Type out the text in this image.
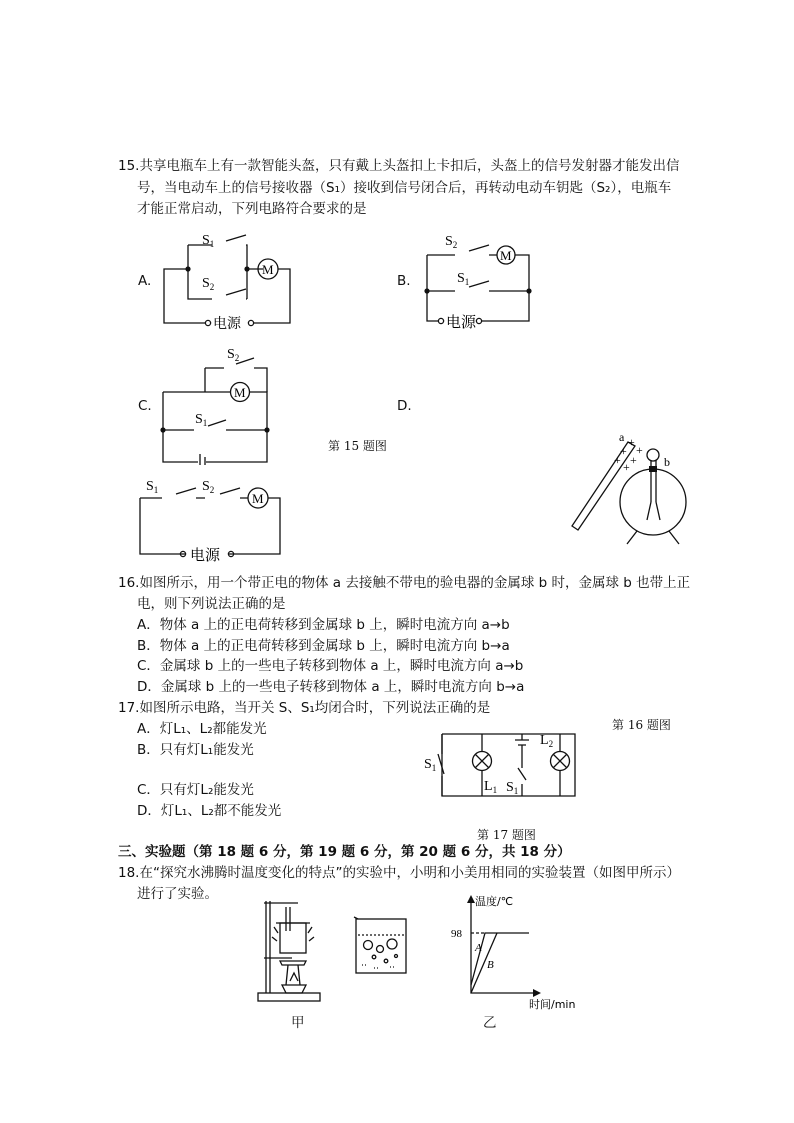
15.共享电瓶车上有一款智能头盔，只有戴上头盔扣上卡扣后，头盔上的信号发射器才能发出信
号，当电动车上的信号接收器（S₁）接收到信号闭合后，再转动电动车钥匙（S₂），电瓶车
才能正常启动，下列电路符合要求的是
A.	B.
C.	D.
第 15 题图
$S_1$
$S_2$
M
电源
$S_2$
$S_1$
M
电源
$S_2$
$S_1$
M
$S_1$	$S_2$
M
电源
a
b
+
+ +
+ +
+
16.如图所示，用一个带正电的物体 a 去接触不带电的验电器的金属球 b 时，金属球 b 也带上正
电，则下列说法正确的是
A．物体 a 上的正电荷转移到金属球 b 上，瞬时电流方向 a→b
B．物体 a 上的正电荷转移到金属球 b 上，瞬时电流方向 b→a
C．金属球 b 上的一些电子转移到物体 a 上，瞬时电流方向 a→b
D．金属球 b 上的一些电子转移到物体 a 上，瞬时电流方向 b→a
17.如图所示电路，当开关 S、S₁均闭合时，下列说法正确的是
第 16 题图
A．灯L₁、L₂都能发光
B．只有灯L₁能发光
C．只有灯L₂能发光
D．灯L₁、L₂都不能发光
$S_1$
$L_1$ $S_1$
$L_2$
第 17 题图
三、实验题（第 18 题 6 分，第 19 题 6 分，第 20 题 6 分，共 18 分）
18.在“探究水沸腾时温度变化的特点”的实验中，小明和小美用相同的实验装置（如图甲所示）
进行了实验。
甲
98
A
B
温度/℃
时间/min
乙
